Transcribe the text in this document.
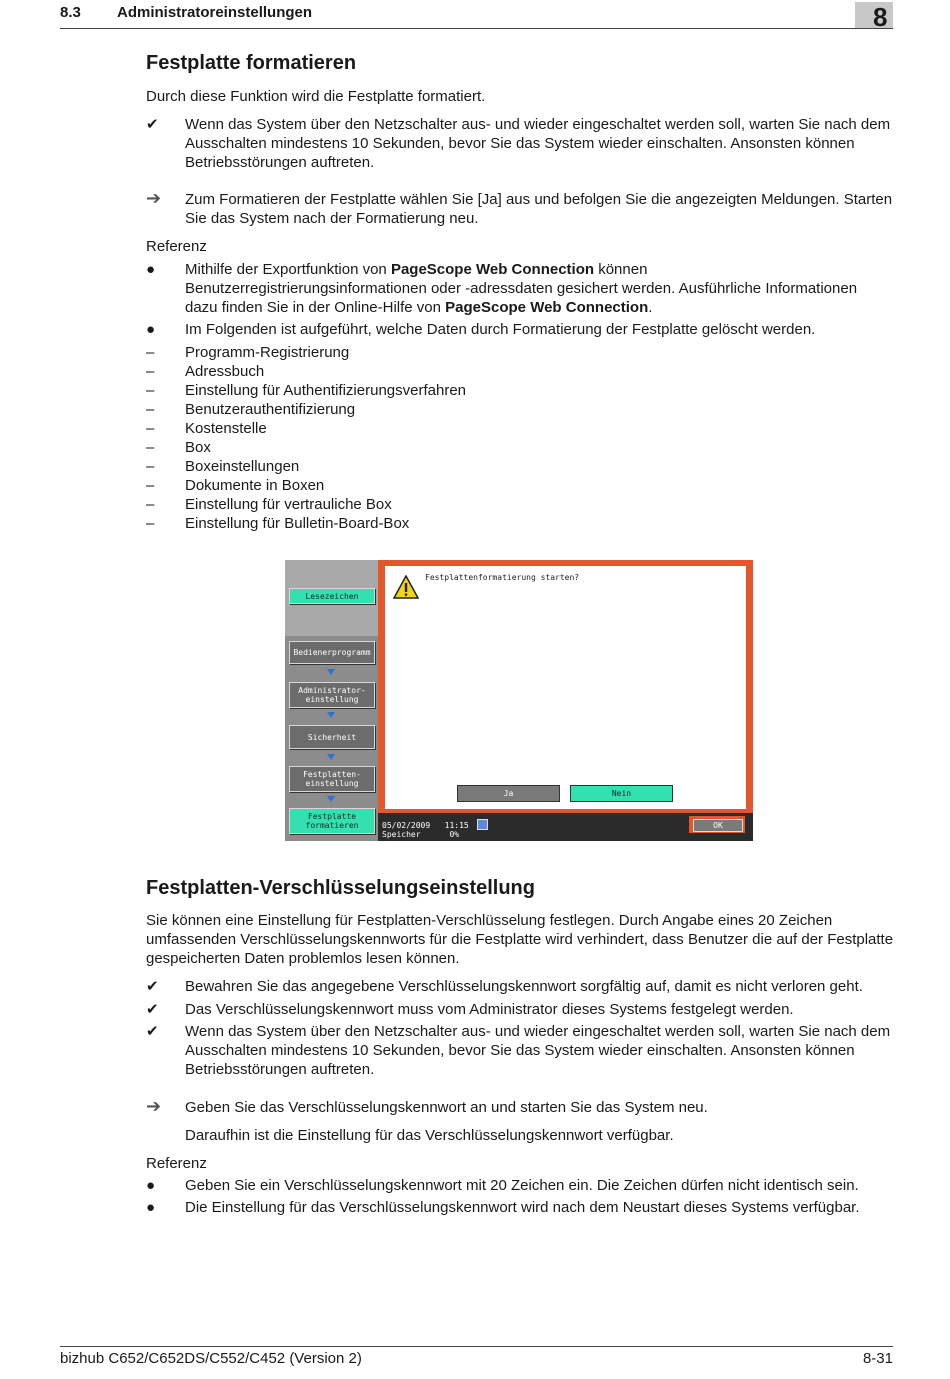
8.3 Administratoreinstellungen	8
Festplatte formatieren

Durch diese Funktion wird die Festplatte formatiert.

✔	Wenn das System über den Netzschalter aus- und wieder eingeschaltet werden soll, warten Sie nach dem Ausschalten mindestens 10 Sekunden, bevor Sie das System wieder einschalten. Ansonsten können Betriebsstörungen auftreten.
➔	Zum Formatieren der Festplatte wählen Sie [Ja] aus und befolgen Sie die angezeigten Meldungen. Starten Sie das System nach der Formatierung neu.

Referenz

●	Mithilfe der Exportfunktion von PageScope Web Connection können Benutzerregistrierungsinformationen oder -adressdaten gesichert werden. Ausführliche Informationen dazu finden Sie in der Online-Hilfe von PageScope Web Connection.
●	Im Folgenden ist aufgeführt, welche Daten durch Formatierung der Festplatte gelöscht werden.
–	Programm-Registrierung
–	Adressbuch
–	Einstellung für Authentifizierungsverfahren
–	Benutzerauthentifizierung
–	Kostenstelle
–	Box
–	Boxeinstellungen
–	Dokumente in Boxen
–	Einstellung für vertrauliche Box
–	Einstellung für Bulletin-Board-Box
Lesezeichen
Bedienerprogramm
Administrator-
einstellung
Sicherheit
Festplatten-
einstellung
Festplatte
formatieren
Festplattenformatierung starten?
Ja	Nein
05/02/2009 11:15
Speicher	0%
OK
Festplatten-Verschlüsselungseinstellung

Sie können eine Einstellung für Festplatten-Verschlüsselung festlegen. Durch Angabe eines 20 Zeichen umfassenden Verschlüsselungskennworts für die Festplatte wird verhindert, dass Benutzer die auf der Festplatte gespeicherten Daten problemlos lesen können.

✔	Bewahren Sie das angegebene Verschlüsselungskennwort sorgfältig auf, damit es nicht verloren geht.
✔	Das Verschlüsselungskennwort muss vom Administrator dieses Systems festgelegt werden.
✔	Wenn das System über den Netzschalter aus- und wieder eingeschaltet werden soll, warten Sie nach dem Ausschalten mindestens 10 Sekunden, bevor Sie das System wieder einschalten. Ansonsten können Betriebsstörungen auftreten.
➔	Geben Sie das Verschlüsselungskennwort an und starten Sie das System neu.
Daraufhin ist die Einstellung für das Verschlüsselungskennwort verfügbar.

Referenz

●	Geben Sie ein Verschlüsselungskennwort mit 20 Zeichen ein. Die Zeichen dürfen nicht identisch sein.
●	Die Einstellung für das Verschlüsselungskennwort wird nach dem Neustart dieses Systems verfügbar.
bizhub C652/C652DS/C552/C452 (Version 2)	8-31
